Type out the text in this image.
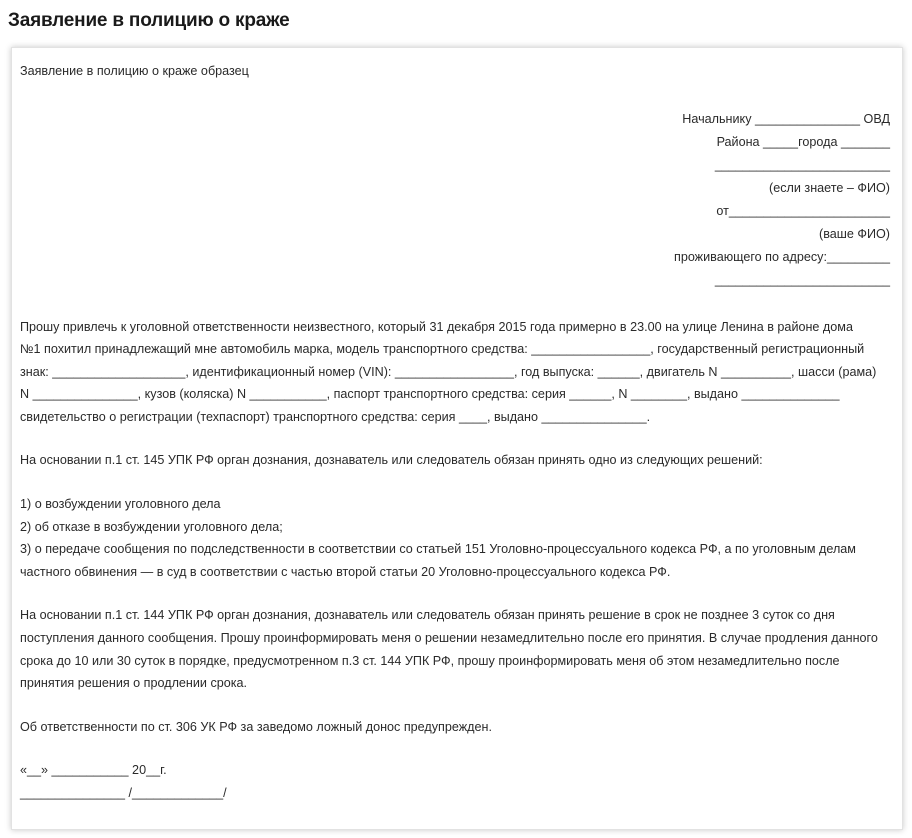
Заявление в полицию о краже
Заявление в полицию о краже образец
Начальнику _______________ ОВД
Района _____города _______
_________________________
(если знаете – ФИО)
от_______________________
(ваше ФИО)
проживающего по адресу:_________
_________________________
Прошу привлечь к уголовной ответственности неизвестного, который 31 декабря 2015 года примерно в 23.00 на улице Ленина в районе дома
№1 похитил принадлежащий мне автомобиль марка, модель транспортного средства: _________________, государственный регистрационный
знак: ___________________, идентификационный номер (VIN): _________________, год выпуска: ______, двигатель N __________, шасси (рама)
N _______________, кузов (коляска) N ___________, паспорт транспортного средства: серия ______, N ________, выдано ______________
свидетельство о регистрации (техпаспорт) транспортного средства: серия ____, выдано _______________.
На основании п.1 ст. 145 УПК РФ орган дознания, дознаватель или следователь обязан принять одно из следующих решений:
1) о возбуждении уголовного дела
2) об отказе в возбуждении уголовного дела;
3) о передаче сообщения по подследственности в соответствии со статьей 151 Уголовно-процессуального кодекса РФ, а по уголовным делам
частного обвинения — в суд в соответствии с частью второй статьи 20 Уголовно-процессуального кодекса РФ.
На основании п.1 ст. 144 УПК РФ орган дознания, дознаватель или следователь обязан принять решение в срок не позднее 3 суток со дня
поступления данного сообщения. Прошу проинформировать меня о решении незамедлительно после его принятия. В случае продления данного
срока до 10 или 30 суток в порядке, предусмотренном п.3 ст. 144 УПК РФ, прошу проинформировать меня об этом незамедлительно после
принятия решения о продлении срока.
Об ответственности по ст. 306 УК РФ за заведомо ложный донос предупрежден.
«__» ___________ 20__г.
_______________ /_____________/
